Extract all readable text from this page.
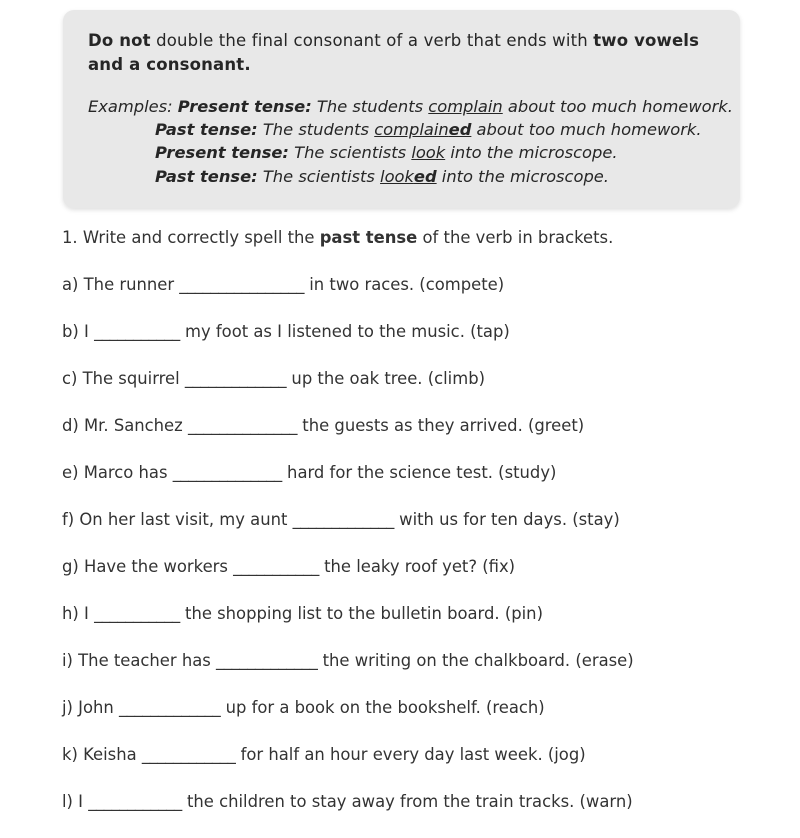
Do not double the final consonant of a verb that ends with two vowels and a consonant.

Examples: Present tense: The students complain about too much homework.
Past tense: The students complained about too much homework.
Present tense: The scientists look into the microscope.
Past tense: The scientists looked into the microscope.

1. Write and correctly spell the past tense of the verb in brackets.

a) The runner ________________ in two races. (compete)
b) I ___________ my foot as I listened to the music. (tap)
c) The squirrel _____________ up the oak tree. (climb)
d) Mr. Sanchez ______________ the guests as they arrived. (greet)
e) Marco has ______________ hard for the science test. (study)
f) On her last visit, my aunt _____________ with us for ten days. (stay)
g) Have the workers ___________ the leaky roof yet? (fix)
h) I ___________ the shopping list to the bulletin board. (pin)
i) The teacher has _____________ the writing on the chalkboard. (erase)
j) John _____________ up for a book on the bookshelf. (reach)
k) Keisha ____________ for half an hour every day last week. (jog)
l) I ____________ the children to stay away from the train tracks. (warn)
